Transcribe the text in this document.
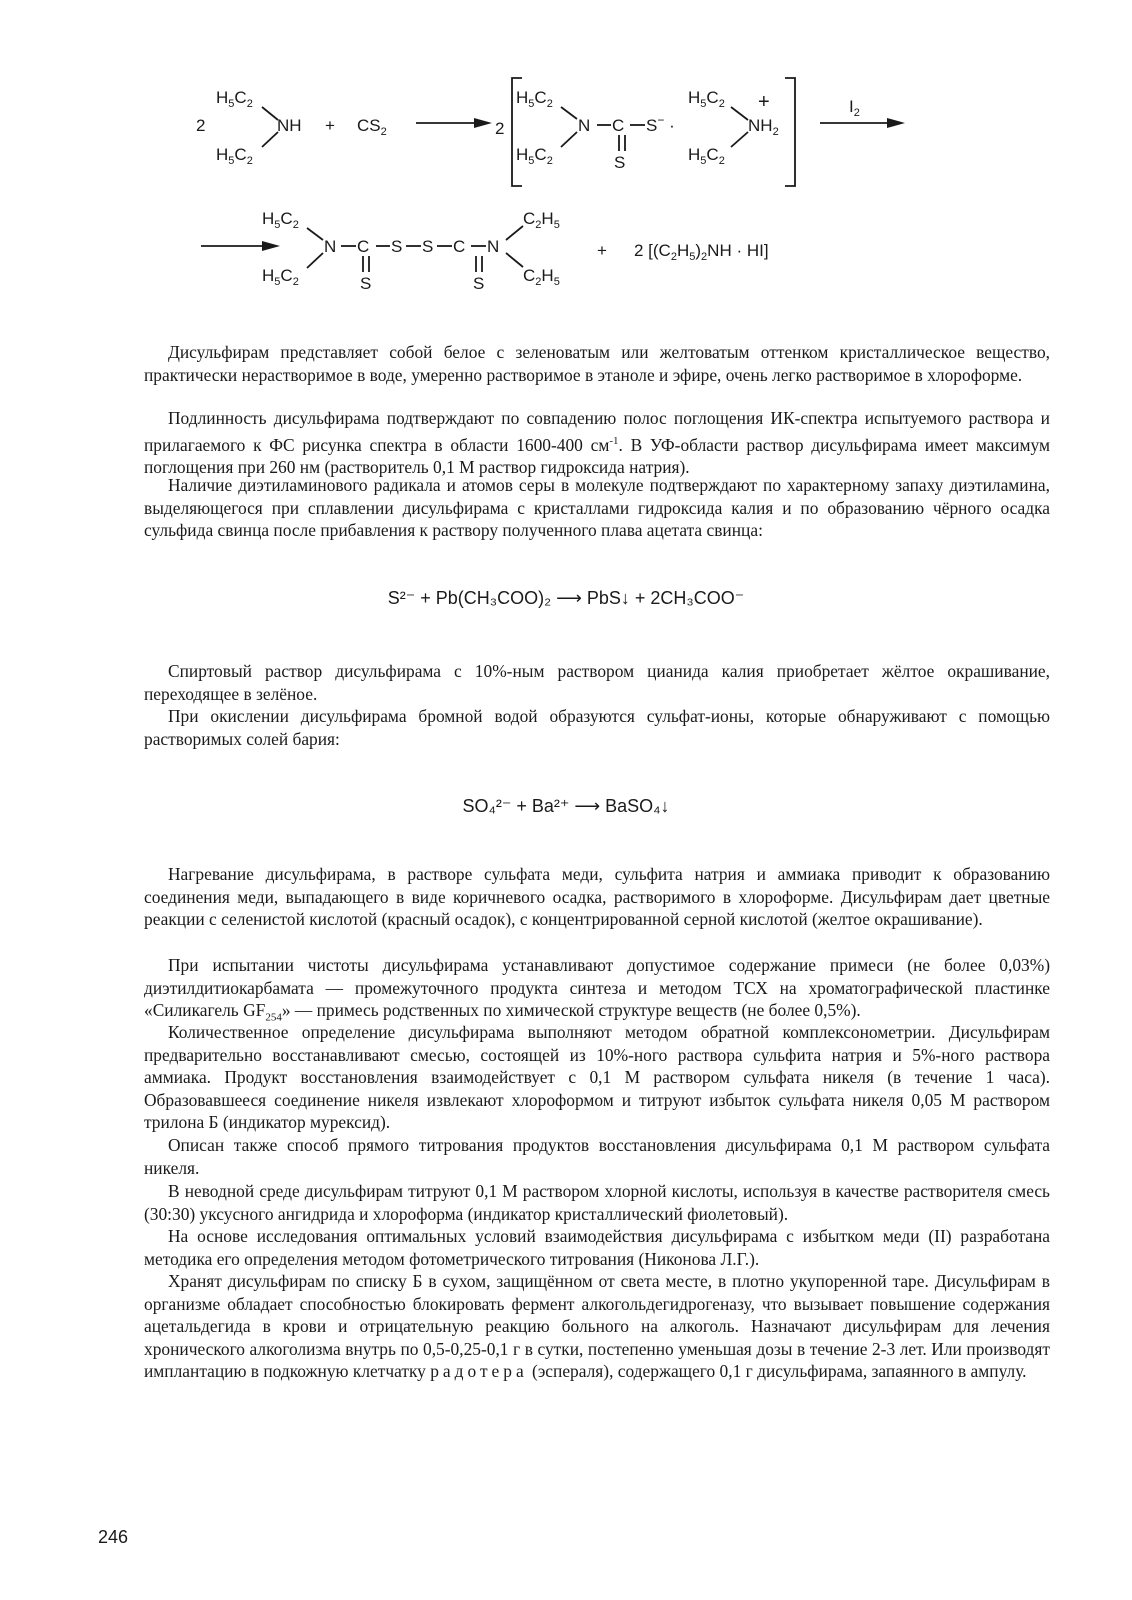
2
$H_5C_2$
$H_5C_2$
NH + $CS_2$	2
$H_5C_2$
$H_5C_2$
N C
S
S− ·
$H_5C_2$
$H_5C_2$
+
$NH_2$
$I_2$
$H_5C_2$
$H_5C_2$
N C
S
S S C
S
N
$C_2H_5$
$C_2H_5$
+ 2 $[(C_2H_5)_2NH \cdot HI]$

Дисульфирам представляет собой белое с зеленоватым или желтоватым оттенком кристаллическое вещество, практически нерастворимое в воде, умеренно растворимое в этаноле и эфире, очень легко растворимое в хлороформе.

Подлинность дисульфирама подтверждают по совпадению полос поглощения ИК-спектра испытуемого раствора и прилагаемого к ФС рисунка спектра в области 1600-400 $см^{-1}$. В УФ-области раствор дисульфирама имеет максимум поглощения при 260 нм (растворитель 0,1 М раствор гидроксида натрия).

Наличие диэтиламинового радикала и атомов серы в молекуле подтверждают по характерному запаху диэтиламина, выделяющегося при сплавлении дисульфирама с кристаллами гидроксида калия и по образованию чёрного осадка сульфида свинца после прибавления к раствору полученного плава ацетата свинца:

S²⁻ + Pb(CH₃COO)₂ ⟶ PbS↓ + 2CH₃COO⁻

Спиртовый раствор дисульфирама с 10%-ным раствором цианида калия приобретает жёлтое окрашивание, переходящее в зелёное.

При окислении дисульфирама бромной водой образуются сульфат-ионы, которые обнаруживают с помощью растворимых солей бария:

SO₄²⁻ + Ba²⁺ ⟶ BaSO₄↓

Нагревание дисульфирама, в растворе сульфата меди, сульфита натрия и аммиака приводит к образованию соединения меди, выпадающего в виде коричневого осадка, растворимого в хлороформе. Дисульфирам дает цветные реакции с селенистой кислотой (красный осадок), с концентрированной серной кислотой (желтое окрашивание).

При испытании чистоты дисульфирама устанавливают допустимое содержание примеси (не более 0,03%) диэтилдитиокарбамата — промежуточного продукта синтеза и методом ТСХ на хроматографической пластинке «Силикагель $GF_{254}$» — примесь родственных по химической структуре веществ (не более 0,5%).

Количественное определение дисульфирама выполняют методом обратной комплексонометрии. Дисульфирам предварительно восстанавливают смесью, состоящей из 10%-ного раствора сульфита натрия и 5%-ного раствора аммиака. Продукт восстановления взаимодействует с 0,1 М раствором сульфата никеля (в течение 1 часа). Образовавшееся соединение никеля извлекают хлороформом и титруют избыток сульфата никеля 0,05 М раствором трилона Б (индикатор мурексид).

Описан также способ прямого титрования продуктов восстановления дисульфирама 0,1 М раствором сульфата никеля.

В неводной среде дисульфирам титруют 0,1 М раствором хлорной кислоты, используя в качестве растворителя смесь (30:30) уксусного ангидрида и хлороформа (индикатор кристаллический фиолетовый).

На основе исследования оптимальных условий взаимодействия дисульфирама с избытком меди (II) разработана методика его определения методом фотометрического титрования (Никонова Л.Г.).

Хранят дисульфирам по списку Б в сухом, защищённом от света месте, в плотно укупоренной таре. Дисульфирам в организме обладает способностью блокировать фермент алкогольдегидрогеназу, что вызывает повышение содержания ацетальдегида в крови и отрицательную реакцию больного на алкоголь. Назначают дисульфирам для лечения хронического алкоголизма внутрь по 0,5-0,25-0,1 г в сутки, постепенно уменьшая дозы в течение 2-3 лет. Или производят имплантацию в подкожную клетчатку радотера (эспераля), содержащего 0,1 г дисульфирама, запаянного в ампулу.

246
